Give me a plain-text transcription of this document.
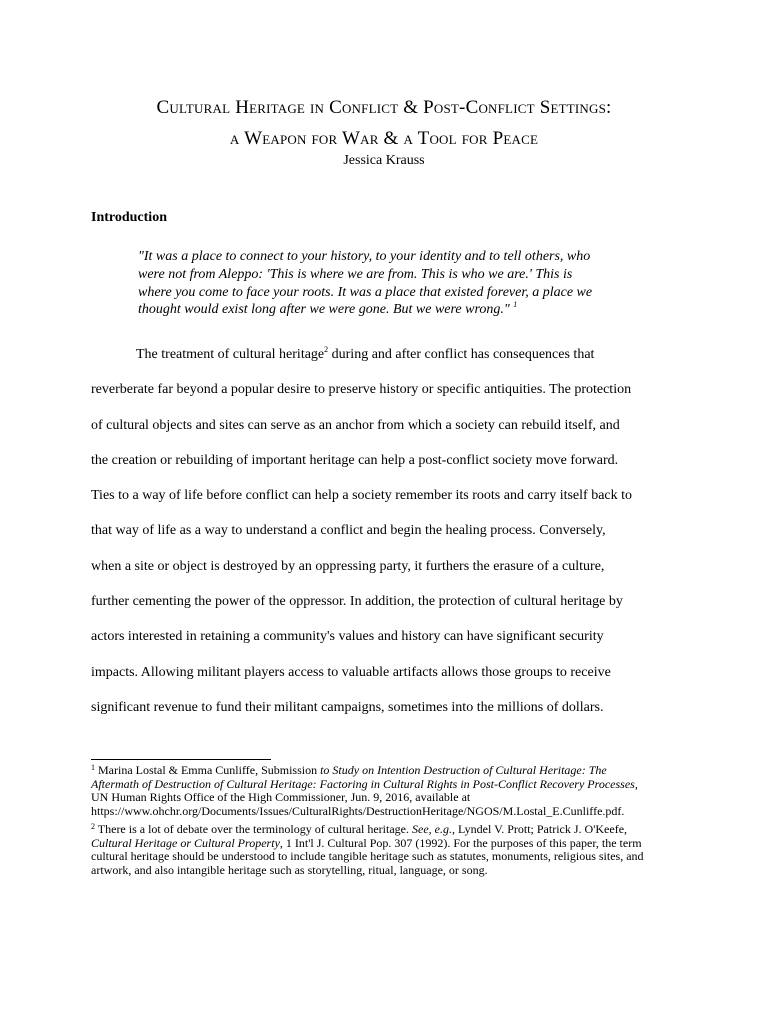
Cultural Heritage in Conflict & Post-Conflict Settings:
a Weapon for War & a Tool for Peace
Jessica Krauss
Introduction
"It was a place to connect to your history, to your identity and to tell others, who
were not from Aleppo: 'This is where we are from. This is who we are.' This is
where you come to face your roots. It was a place that existed forever, a place we
thought would exist long after we were gone. But we were wrong." $^1$
The treatment of cultural heritage$^2$ during and after conflict has consequences that
reverberate far beyond a popular desire to preserve history or specific antiquities. The protection
of cultural objects and sites can serve as an anchor from which a society can rebuild itself, and
the creation or rebuilding of important heritage can help a post-conflict society move forward.
Ties to a way of life before conflict can help a society remember its roots and carry itself back to
that way of life as a way to understand a conflict and begin the healing process. Conversely,
when a site or object is destroyed by an oppressing party, it furthers the erasure of a culture,
further cementing the power of the oppressor. In addition, the protection of cultural heritage by
actors interested in retaining a community's values and history can have significant security
impacts. Allowing militant players access to valuable artifacts allows those groups to receive
significant revenue to fund their militant campaigns, sometimes into the millions of dollars.
$^1$ Marina Lostal & Emma Cunliffe, Submission to Study on Intention Destruction of Cultural Heritage: The
Aftermath of Destruction of Cultural Heritage: Factoring in Cultural Rights in Post-Conflict Recovery Processes,
UN Human Rights Office of the High Commissioner, Jun. 9, 2016, available at
https://www.ohchr.org/Documents/Issues/CulturalRights/DestructionHeritage/NGOS/M.Lostal_E.Cunliffe.pdf.
$^2$ There is a lot of debate over the terminology of cultural heritage. See, e.g., Lyndel V. Prott; Patrick J. O'Keefe,
Cultural Heritage or Cultural Property, 1 Int'l J. Cultural Pop. 307 (1992). For the purposes of this paper, the term
cultural heritage should be understood to include tangible heritage such as statutes, monuments, religious sites, and
artwork, and also intangible heritage such as storytelling, ritual, language, or song.
